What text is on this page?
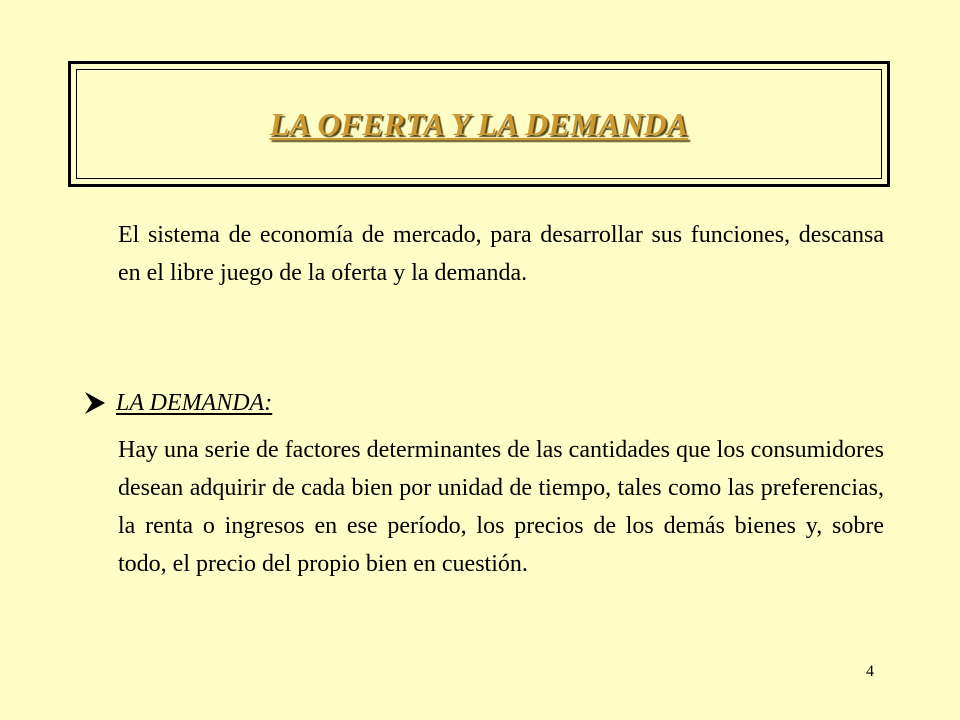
LA OFERTA Y LA DEMANDA

El sistema de economía de mercado, para desarrollar sus funciones, descansa en el libre juego de la oferta y la demanda.

LA DEMANDA:

Hay una serie de factores determinantes de las cantidades que los consumidores desean adquirir de cada bien por unidad de tiempo, tales como las preferencias, la renta o ingresos en ese período, los precios de los demás bienes y, sobre todo, el precio del propio bien en cuestión.

4
